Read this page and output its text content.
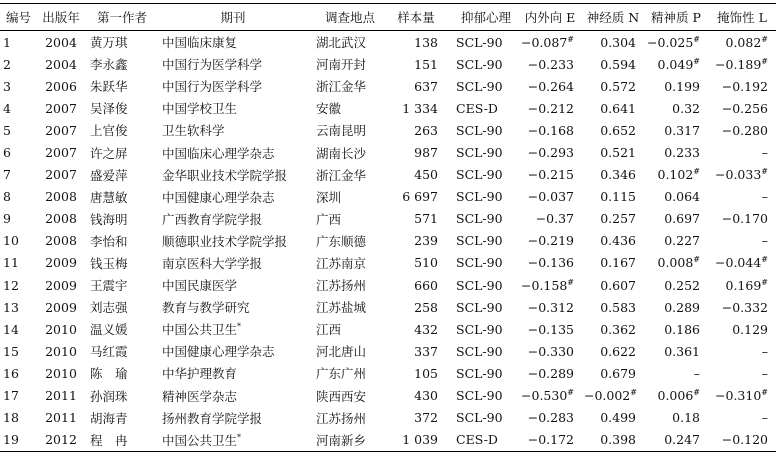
编号	出版年	第一作者	期刊	调查地点	样本量	抑郁心理	内外向 E	神经质 N	精神质 P	掩饰性 L
1	2004	黄万琪	中国临床康复	湖北武汉	138	SCL-90	−0.087#	0.304	−0.025#	0.082#
2	2004	李永鑫	中国行为医学科学	河南开封	151	SCL-90	−0.233	0.594	0.049#	−0.189#
3	2006	朱跃华	中国行为医学科学	浙江金华	637	SCL-90	−0.264	0.572	0.199	−0.192
4	2007	吴泽俊	中国学校卫生	安徽	1 334	CES-D	−0.212	0.641	0.32	−0.256
5	2007	上官俊	卫生软科学	云南昆明	263	SCL-90	−0.168	0.652	0.317	−0.280
6	2007	许之屏	中国临床心理学杂志	湖南长沙	987	SCL-90	−0.293	0.521	0.233	–
7	2007	盛爱萍	金华职业技术学院学报	浙江金华	450	SCL-90	−0.215	0.346	0.102#	−0.033#
8	2008	唐慧敏	中国健康心理学杂志	深圳	6 697	SCL-90	−0.037	0.115	0.064	–
9	2008	钱海明	广西教育学院学报	广西	571	SCL-90	−0.37	0.257	0.697	−0.170
10	2008	李怡和	顺德职业技术学院学报	广东顺德	239	SCL-90	−0.219	0.436	0.227	–
11	2009	钱玉梅	南京医科大学学报	江苏南京	510	SCL-90	−0.136	0.167	0.008#	−0.044#
12	2009	王震宇	中国民康医学	江苏扬州	660	SCL-90	−0.158#	0.607	0.252	0.169#
13	2009	刘志强	教育与教学研究	江苏盐城	258	SCL-90	−0.312	0.583	0.289	−0.332
14	2010	温义媛	中国公共卫生*	江西	432	SCL-90	−0.135	0.362	0.186	0.129
15	2010	马红霞	中国健康心理学杂志	河北唐山	337	SCL-90	−0.330	0.622	0.361	–
16	2010	陈　瑜	中华护理教育	广东广州	105	SCL-90	−0.289	0.679	–	–
17	2011	孙润珠	精神医学杂志	陕西西安	430	SCL-90	−0.530#	−0.002#	0.006#	−0.310#
18	2011	胡海青	扬州教育学院学报	江苏扬州	372	SCL-90	−0.283	0.499	0.18	–
19	2012	程　冉	中国公共卫生*	河南新乡	1 039	CES-D	−0.172	0.398	0.247	−0.120
